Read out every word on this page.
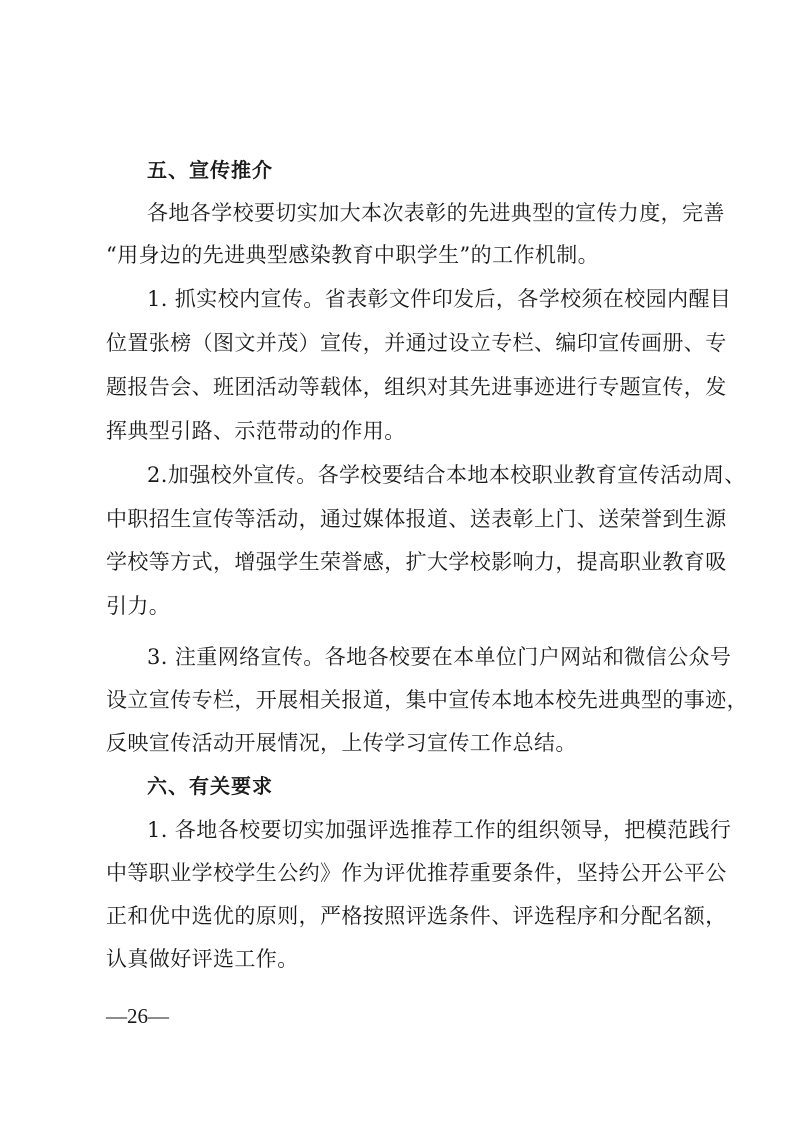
五、宣传推介
各地各学校要切实加大本次表彰的先进典型的宣传力度，完善
“用身边的先进典型感染教育中职学生”的工作机制。
1. 抓实校内宣传。省表彰文件印发后，各学校须在校园内醒目
位置张榜（图文并茂）宣传，并通过设立专栏、编印宣传画册、专
题报告会、班团活动等载体，组织对其先进事迹进行专题宣传，发
挥典型引路、示范带动的作用。
2.加强校外宣传。各学校要结合本地本校职业教育宣传活动周、
中职招生宣传等活动，通过媒体报道、送表彰上门、送荣誉到生源
学校等方式，增强学生荣誉感，扩大学校影响力，提高职业教育吸
引力。
3. 注重网络宣传。各地各校要在本单位门户网站和微信公众号
设立宣传专栏，开展相关报道，集中宣传本地本校先进典型的事迹，
反映宣传活动开展情况，上传学习宣传工作总结。
六、有关要求
1. 各地各校要切实加强评选推荐工作的组织领导，把模范践行
中等职业学校学生公约》作为评优推荐重要条件，坚持公开公平公
正和优中选优的原则，严格按照评选条件、评选程序和分配名额，
认真做好评选工作。
—26—
